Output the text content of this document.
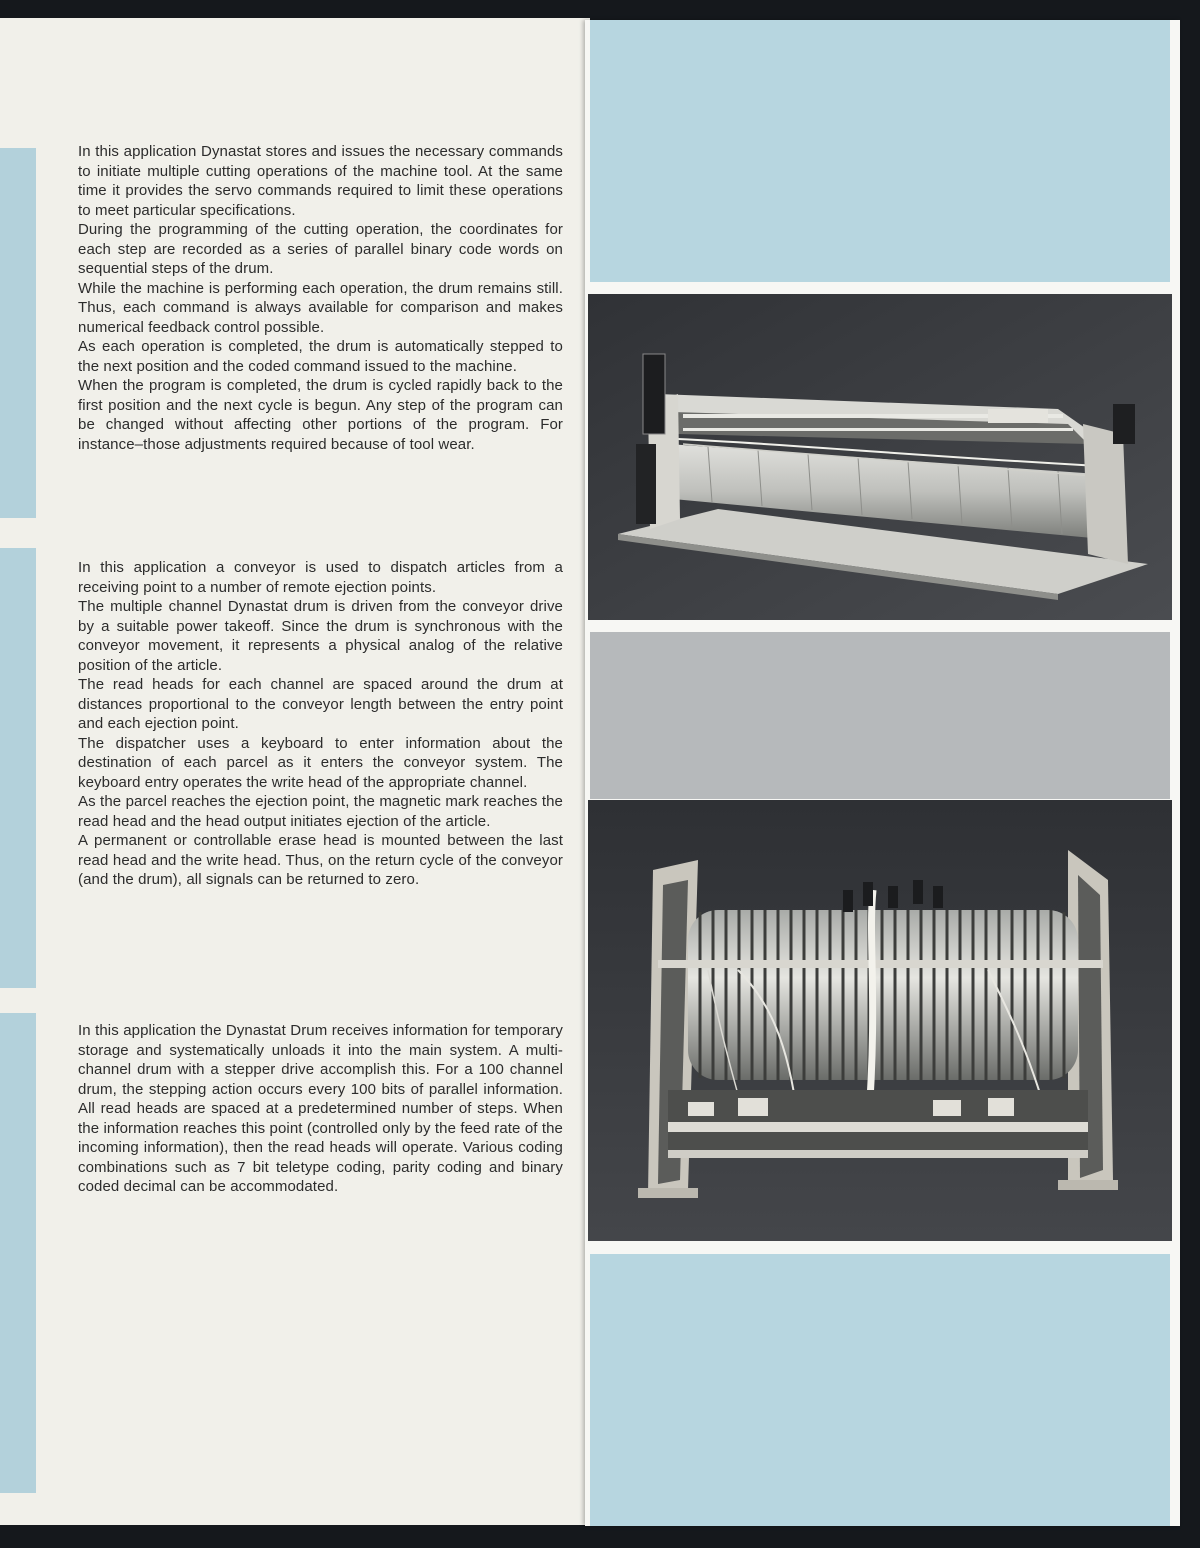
In this application Dynastat stores and issues the necessary commands to initiate multiple cutting operations of the machine tool. At the same time it provides the servo commands required to limit these operations to meet particular specifications.

During the programming of the cutting operation, the coordinates for each step are recorded as a series of parallel binary code words on sequential steps of the drum.

While the machine is performing each operation, the drum remains still. Thus, each command is always available for comparison and makes numerical feedback control possible.

As each operation is completed, the drum is automatically stepped to the next position and the coded command issued to the machine.

When the program is completed, the drum is cycled rapidly back to the first position and the next cycle is begun. Any step of the program can be changed without affecting other portions of the program. For instance–those adjustments required because of tool wear.

In this application a conveyor is used to dispatch articles from a receiving point to a number of remote ejection points.

The multiple channel Dynastat drum is driven from the conveyor drive by a suitable power takeoff. Since the drum is synchronous with the conveyor movement, it represents a physical analog of the relative position of the article.

The read heads for each channel are spaced around the drum at distances proportional to the conveyor length between the entry point and each ejection point.

The dispatcher uses a keyboard to enter information about the destination of each parcel as it enters the conveyor system. The keyboard entry operates the write head of the appropriate channel.

As the parcel reaches the ejection point, the magnetic mark reaches the read head and the head output initiates ejection of the article.

A permanent or controllable erase head is mounted between the last read head and the write head. Thus, on the return cycle of the conveyor (and the drum), all signals can be returned to zero.

In this application the Dynastat Drum receives information for temporary storage and systematically unloads it into the main system. A multi-channel drum with a stepper drive accomplish this. For a 100 channel drum, the stepping action occurs every 100 bits of parallel information. All read heads are spaced at a predetermined number of steps. When the information reaches this point (controlled only by the feed rate of the incoming information), then the read heads will operate. Various coding combinations such as 7 bit teletype coding, parity coding and binary coded decimal can be accommodated.
